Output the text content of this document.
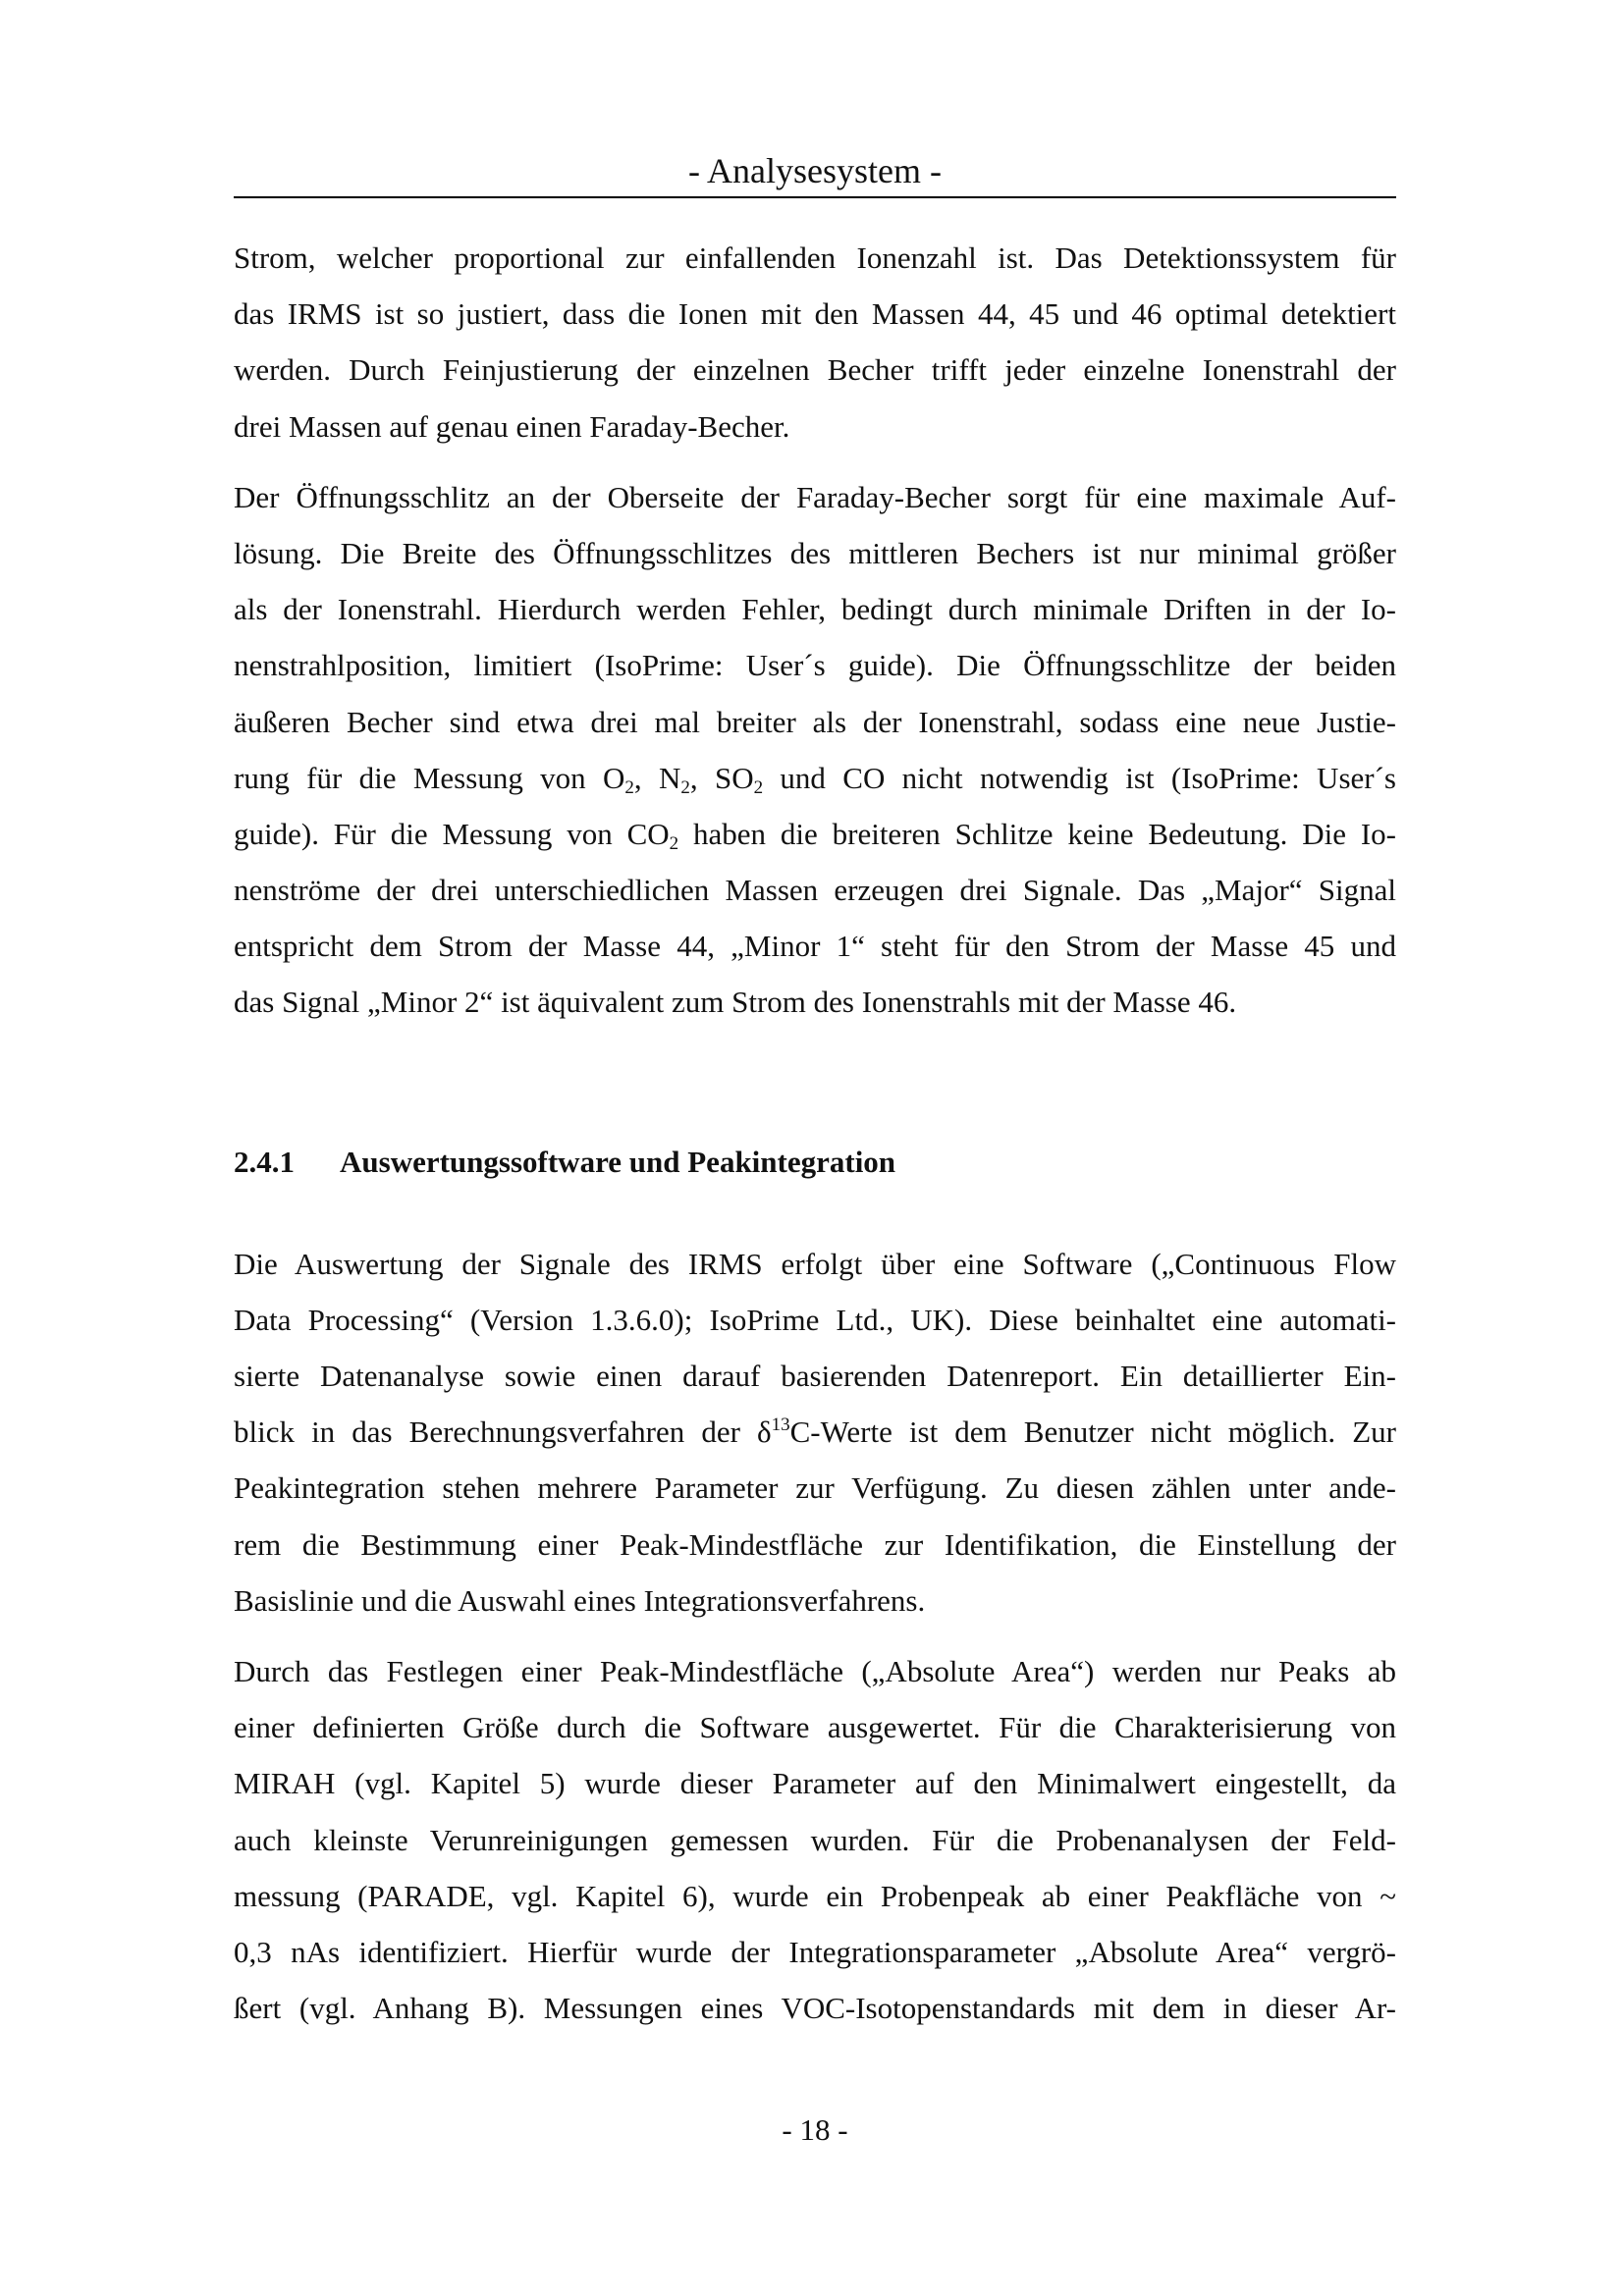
- Analysesystem -

Strom, welcher proportional zur einfallenden Ionenzahl ist. Das Detektionssystem für
das IRMS ist so justiert, dass die Ionen mit den Massen 44, 45 und 46 optimal detektiert
werden. Durch Feinjustierung der einzelnen Becher trifft jeder einzelne Ionenstrahl der
drei Massen auf genau einen Faraday-Becher.

Der Öffnungsschlitz an der Oberseite der Faraday-Becher sorgt für eine maximale Auf-
lösung. Die Breite des Öffnungsschlitzes des mittleren Bechers ist nur minimal größer
als der Ionenstrahl. Hierdurch werden Fehler, bedingt durch minimale Driften in der Io-
nenstrahlposition, limitiert (IsoPrime: User´s guide). Die Öffnungsschlitze der beiden
äußeren Becher sind etwa drei mal breiter als der Ionenstrahl, sodass eine neue Justie-
rung für die Messung von $O_2$, $N_2$, $SO_2$ und CO nicht notwendig ist (IsoPrime: User´s
guide). Für die Messung von $CO_2$ haben die breiteren Schlitze keine Bedeutung. Die Io-
nenströme der drei unterschiedlichen Massen erzeugen drei Signale. Das „Major“ Signal
entspricht dem Strom der Masse 44, „Minor 1“ steht für den Strom der Masse 45 und
das Signal „Minor 2“ ist äquivalent zum Strom des Ionenstrahls mit der Masse 46.

2.4.1	Auswertungssoftware und Peakintegration

Die Auswertung der Signale des IRMS erfolgt über eine Software („Continuous Flow
Data Processing“ (Version 1.3.6.0); IsoPrime Ltd., UK). Diese beinhaltet eine automati-
sierte Datenanalyse sowie einen darauf basierenden Datenreport. Ein detaillierter Ein-
blick in das Berechnungsverfahren der $\delta^{13}C$-Werte ist dem Benutzer nicht möglich. Zur
Peakintegration stehen mehrere Parameter zur Verfügung. Zu diesen zählen unter ande-
rem die Bestimmung einer Peak-Mindestfläche zur Identifikation, die Einstellung der
Basislinie und die Auswahl eines Integrationsverfahrens.

Durch das Festlegen einer Peak-Mindestfläche („Absolute Area“) werden nur Peaks ab
einer definierten Größe durch die Software ausgewertet. Für die Charakterisierung von
MIRAH (vgl. Kapitel 5) wurde dieser Parameter auf den Minimalwert eingestellt, da
auch kleinste Verunreinigungen gemessen wurden. Für die Probenanalysen der Feld-
messung (PARADE, vgl. Kapitel 6), wurde ein Probenpeak ab einer Peakfläche von ~
0,3 nAs identifiziert. Hierfür wurde der Integrationsparameter „Absolute Area“ vergrö-
ßert (vgl. Anhang B). Messungen eines VOC-Isotopenstandards mit dem in dieser Ar-

- 18 -
